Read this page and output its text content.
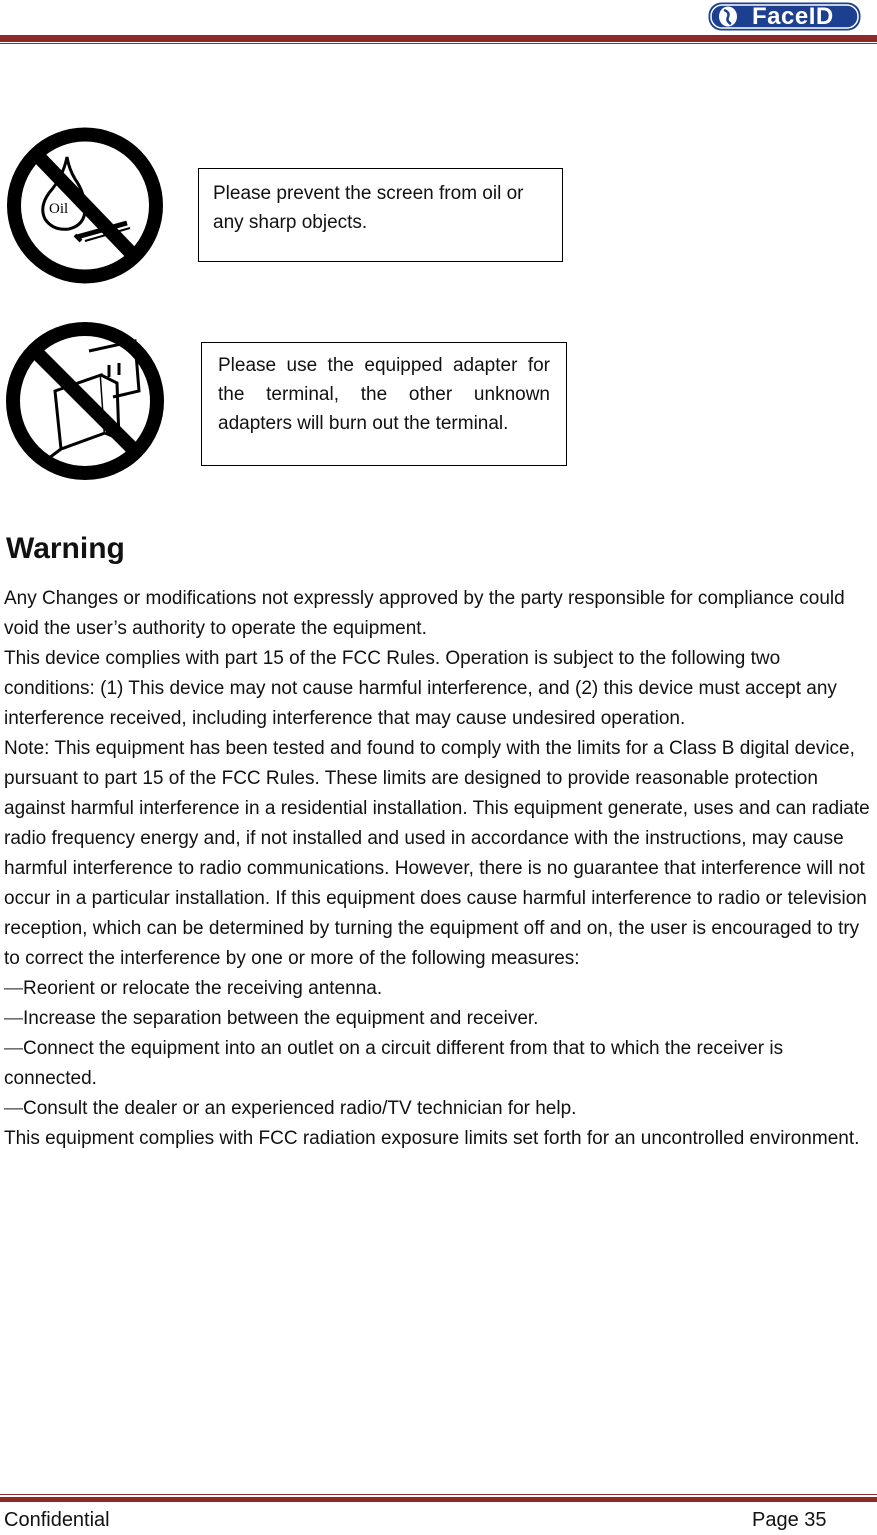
FaceID
Oil
Please prevent the screen from oil or any sharp objects.
Please use the equipped adapter for the terminal, the other unknown adapters will burn out the terminal.
Warning

Any Changes or modifications not expressly approved by the party responsible for compliance could void the user’s authority to operate the equipment.

This device complies with part 15 of the FCC Rules. Operation is subject to the following two conditions: (1) This device may not cause harmful interference, and (2) this device must accept any interference received, including interference that may cause undesired operation.

Note: This equipment has been tested and found to comply with the limits for a Class B digital device, pursuant to part 15 of the FCC Rules. These limits are designed to provide reasonable protection against harmful interference in a residential installation. This equipment generate, uses and can radiate radio frequency energy and, if not installed and used in accordance with the instructions, may cause harmful interference to radio communications. However, there is no guarantee that interference will not occur in a particular installation. If this equipment does cause harmful interference to radio or television reception, which can be determined by turning the equipment off and on, the user is encouraged to try to correct the interference by one or more of the following measures:

—Reorient or relocate the receiving antenna.

—Increase the separation between the equipment and receiver.

—Connect the equipment into an outlet on a circuit different from that to which the receiver is connected.

—Consult the dealer or an experienced radio/TV technician for help.

This equipment complies with FCC radiation exposure limits set forth for an uncontrolled environment.

Confidential	Page 35
